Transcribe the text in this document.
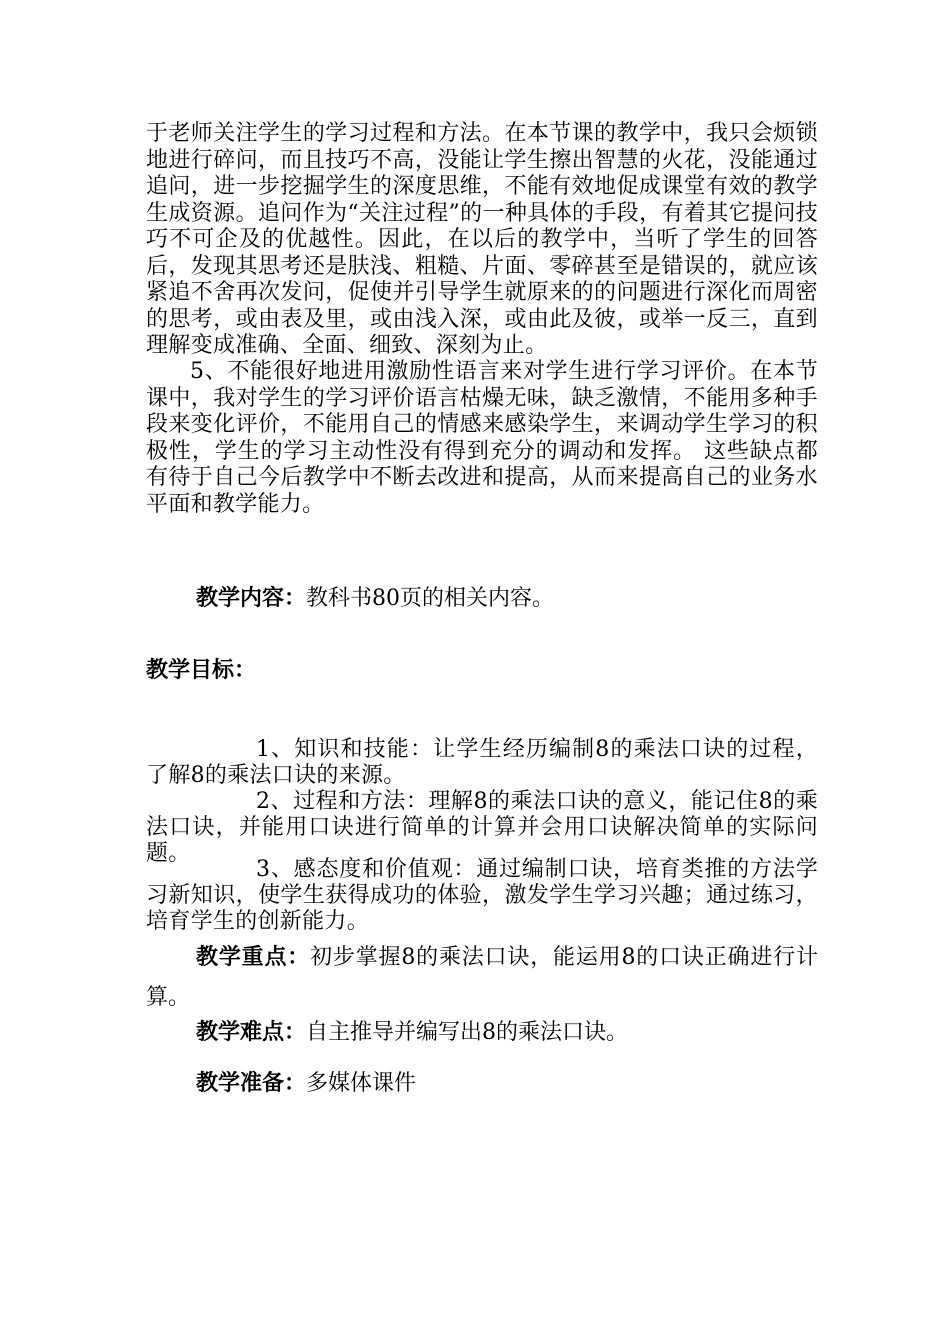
于老师关注学生的学习过程和方法。在本节课的教学中，我只会烦锁地进行碎问，而且技巧不高，没能让学生擦出智慧的火花，没能通过追问，进一步挖掘学生的深度思维，不能有效地促成课堂有效的教学生成资源。追问作为“关注过程”的一种具体的手段，有着其它提问技巧不可企及的优越性。因此，在以后的教学中，当听了学生的回答后，发现其思考还是肤浅、粗糙、片面、零碎甚至是错误的，就应该紧追不舍再次发问，促使并引导学生就原来的的问题进行深化而周密的思考，或由表及里，或由浅入深，或由此及彼，或举一反三，直到理解变成准确、全面、细致、深刻为止。

5、不能很好地进用激励性语言来对学生进行学习评价。在本节课中，我对学生的学习评价语言枯燥无味，缺乏激情，不能用多种手段来变化评价，不能用自己的情感来感染学生，来调动学生学习的积极性，学生的学习主动性没有得到充分的调动和发挥。 这些缺点都有待于自己今后教学中不断去改进和提高，从而来提高自己的业务水平面和教学能力。

教学内容：教科书80页的相关内容。

教学目标：

1、知识和技能：让学生经历编制8的乘法口诀的过程，了解8的乘法口诀的来源。

2、过程和方法：理解8的乘法口诀的意义，能记住8的乘法口诀，并能用口诀进行简单的计算并会用口诀解决简单的实际问题。

3、感态度和价值观：通过编制口诀，培育类推的方法学习新知识，使学生获得成功的体验，激发学生学习兴趣；通过练习，培育学生的创新能力。

教学重点：初步掌握8的乘法口诀，能运用8的口诀正确进行计算。

教学难点：自主推导并编写出8的乘法口诀。

教学准备：多媒体课件
